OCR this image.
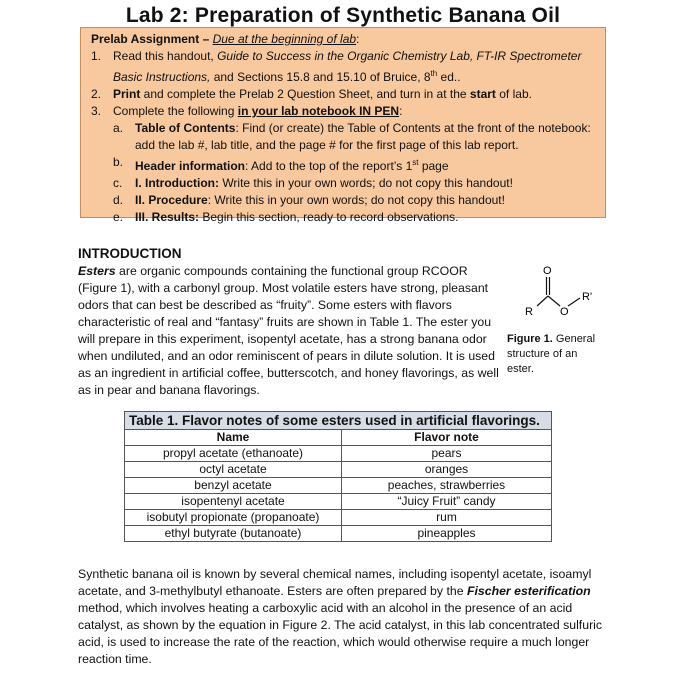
Lab 2: Preparation of Synthetic Banana Oil
Prelab Assignment – Due at the beginning of lab:
1. Read this handout, Guide to Success in the Organic Chemistry Lab, FT-IR Spectrometer Basic Instructions, and Sections 15.8 and 15.10 of Bruice, 8th ed..
2. Print and complete the Prelab 2 Question Sheet, and turn in at the start of lab.
3. Complete the following in your lab notebook IN PEN:
a. Table of Contents: Find (or create) the Table of Contents at the front of the notebook: add the lab #, lab title, and the page # for the first page of this lab report.
b. Header information: Add to the top of the report’s 1st page
c.	I. Introduction: Write this in your own words; do not copy this handout!
d. II. Procedure: Write this in your own words; do not copy this handout!
e. III. Results: Begin this section, ready to record observations.
INTRODUCTION
Esters are organic compounds containing the functional group RCOOR (Figure 1), with a carbonyl group. Most volatile esters have strong, pleasant odors that can best be described as “fruity”. Some esters with flavors characteristic of real and “fantasy” fruits are shown in Table 1. The ester you will prepare in this experiment, isopentyl acetate, has a strong banana odor when undiluted, and an odor reminiscent of pears in dilute solution. It is used as an ingredient in artificial coffee, butterscotch, and honey flavorings, as well as in pear and banana flavorings.
O
R O
R'
Figure 1. General structure of an ester.
Table 1. Flavor notes of some esters used in artificial flavorings.	
Name	Flavor note
propyl acetate (ethanoate)	pears
octyl acetate	oranges
benzyl acetate	peaches, strawberries
isopentenyl acetate	“Juicy Fruit” candy
isobutyl propionate (propanoate)	rum
ethyl butyrate (butanoate)	pineapples
Synthetic banana oil is known by several chemical names, including isopentyl acetate, isoamyl acetate, and 3-methylbutyl ethanoate. Esters are often prepared by the Fischer esterification method, which involves heating a carboxylic acid with an alcohol in the presence of an acid catalyst, as shown by the equation in Figure 2. The acid catalyst, in this lab concentrated sulfuric acid, is used to increase the rate of the reaction, which would otherwise require a much longer reaction time.
